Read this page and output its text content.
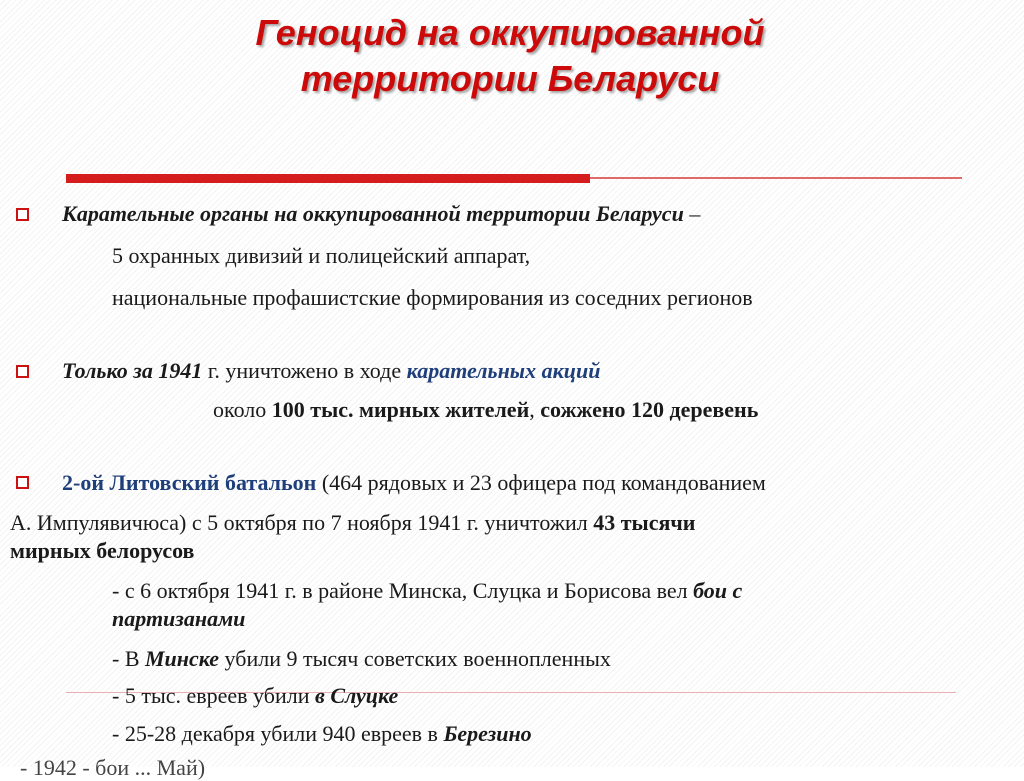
Геноцид на оккупированной
территории Беларуси
Карательные органы на оккупированной территории Беларуси –
5 охранных дивизий и полицейский аппарат,
национальные профашистские формирования из соседних регионов
Только за 1941 г. уничтожено в ходе карательных акций
около 100 тыс. мирных жителей, сожжено 120 деревень
2-ой Литовский батальон (464 рядовых и 23 офицера под командованием
А. Импулявичюса) с 5 октября по 7 ноября 1941 г. уничтожил 43 тысячи
мирных белорусов
- с 6 октября 1941 г. в районе Минска, Слуцка и Борисова вел бои с
партизанами
- В Минске убили 9 тысяч советских военнопленных
- 5 тыс. евреев убили в Слуцке
- 25-28 декабря убили 940 евреев в Березино
- 1942 - бои ... Май)
